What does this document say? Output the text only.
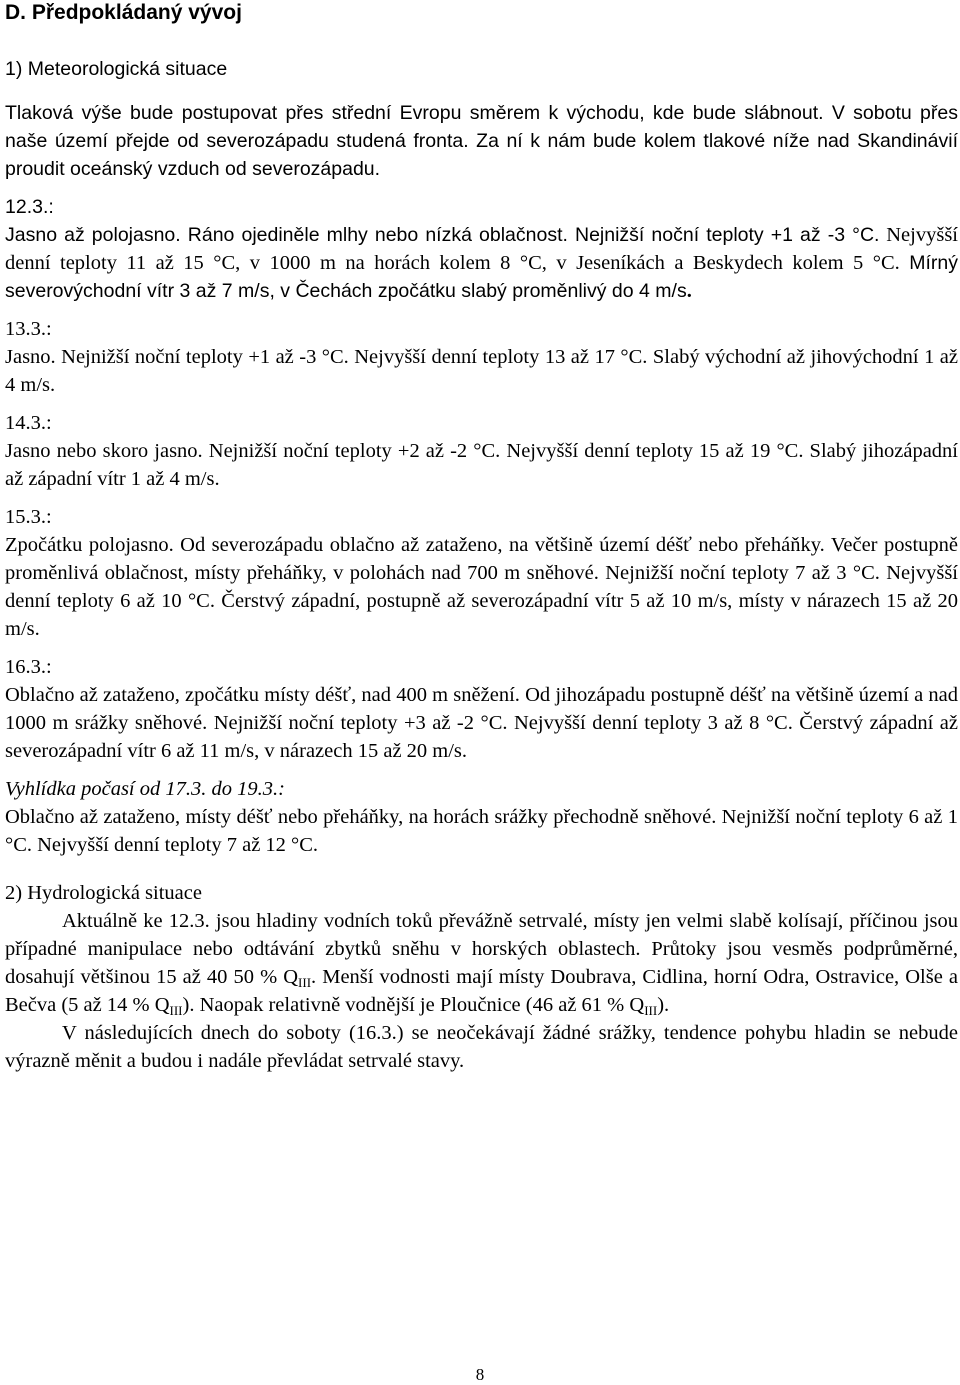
D. Předpokládaný vývoj
1) Meteorologická situace

Tlaková výše bude postupovat přes střední Evropu směrem k východu, kde bude slábnout. V sobotu přes naše území přejde od severozápadu studená fronta. Za ní k nám bude kolem tlakové níže nad Skandinávií proudit oceánský vzduch od severozápadu.

12.3.:

Jasno až polojasno. Ráno ojediněle mlhy nebo nízká oblačnost. Nejnižší noční teploty +1 až -3 °C. Nejvyšší denní teploty 11 až 15 °C, v 1000 m na horách kolem 8 °C, v Jeseníkách a Beskydech kolem 5 °C. Mírný severovýchodní vítr 3 až 7 m/s, v Čechách zpočátku slabý proměnlivý do 4 m/s.

13.3.:

Jasno. Nejnižší noční teploty +1 až -3 °C. Nejvyšší denní teploty 13 až 17 °C. Slabý východní až jihovýchodní 1 až 4 m/s.

14.3.:

Jasno nebo skoro jasno. Nejnižší noční teploty +2 až -2 °C. Nejvyšší denní teploty 15 až 19 °C. Slabý jihozápadní až západní vítr 1 až 4 m/s.

15.3.:

Zpočátku polojasno. Od severozápadu oblačno až zataženo, na většině území déšť nebo přeháňky. Večer postupně proměnlivá oblačnost, místy přeháňky, v polohách nad 700 m sněhové. Nejnižší noční teploty 7 až 3 °C. Nejvyšší denní teploty 6 až 10 °C. Čerstvý západní, postupně až severozápadní vítr 5 až 10 m/s, místy v nárazech 15 až 20 m/s.

16.3.:

Oblačno až zataženo, zpočátku místy déšť, nad 400 m sněžení. Od jihozápadu postupně déšť na většině území a nad 1000 m srážky sněhové. Nejnižší noční teploty +3 až -2 °C. Nejvyšší denní teploty 3 až 8 °C. Čerstvý západní až severozápadní vítr 6 až 11 m/s, v nárazech 15 až 20 m/s.

Vyhlídka počasí od 17.3. do 19.3.:

Oblačno až zataženo, místy déšť nebo přeháňky, na horách srážky přechodně sněhové. Nejnižší noční teploty 6 až 1 °C. Nejvyšší denní teploty 7 až 12 °C.

2) Hydrologická situace

Aktuálně ke 12.3. jsou hladiny vodních toků převážně setrvalé, místy jen velmi slabě kolísají, příčinou jsou případné manipulace nebo odtávání zbytků sněhu v horských oblastech. Průtoky jsou vesměs podprůměrné, dosahují většinou 15 až 40 50 % $Q_{III}$. Menší vodnosti mají místy Doubrava, Cidlina, horní Odra, Ostravice, Olše a Bečva (5 až 14 % $Q_{III}$). Naopak relativně vodnější je Ploučnice (46 až 61 % $Q_{III}$).

V následujících dnech do soboty (16.3.) se neočekávají žádné srážky, tendence pohybu hladin se nebude výrazně měnit a budou i nadále převládat setrvalé stavy.

8
